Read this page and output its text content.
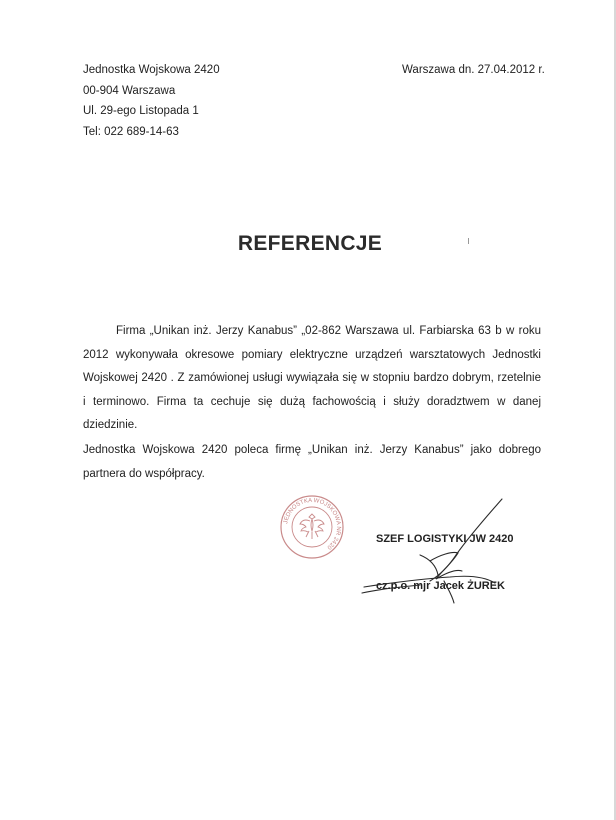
Jednostka Wojskowa 2420
00-904 Warszawa
Ul. 29-ego Listopada 1
Tel: 022 689-14-63
Warszawa dn. 27.04.2012 r.
REFERENCJE

Firma „Unikan inż. Jerzy Kanabus” „02-862 Warszawa ul. Farbiarska 63 b w roku 2012 wykonywała okresowe pomiary elektryczne urządzeń warsztatowych Jednostki Wojskowej 2420 . Z zamówionej usługi wywiązała się w stopniu bardzo dobrym, rzetelnie i terminowo. Firma ta cechuje się dużą fachowością i służy doradztwem w danej dziedzinie.

Jednostka Wojskowa 2420 poleca firmę „Unikan inż. Jerzy Kanabus” jako dobrego partnera do współpracy.

JEDNOSTKA WOJSKOWA NR 2420
SZEF LOGISTYKI JW 2420
cz.p.o. mjr Jacek ŻUREK
